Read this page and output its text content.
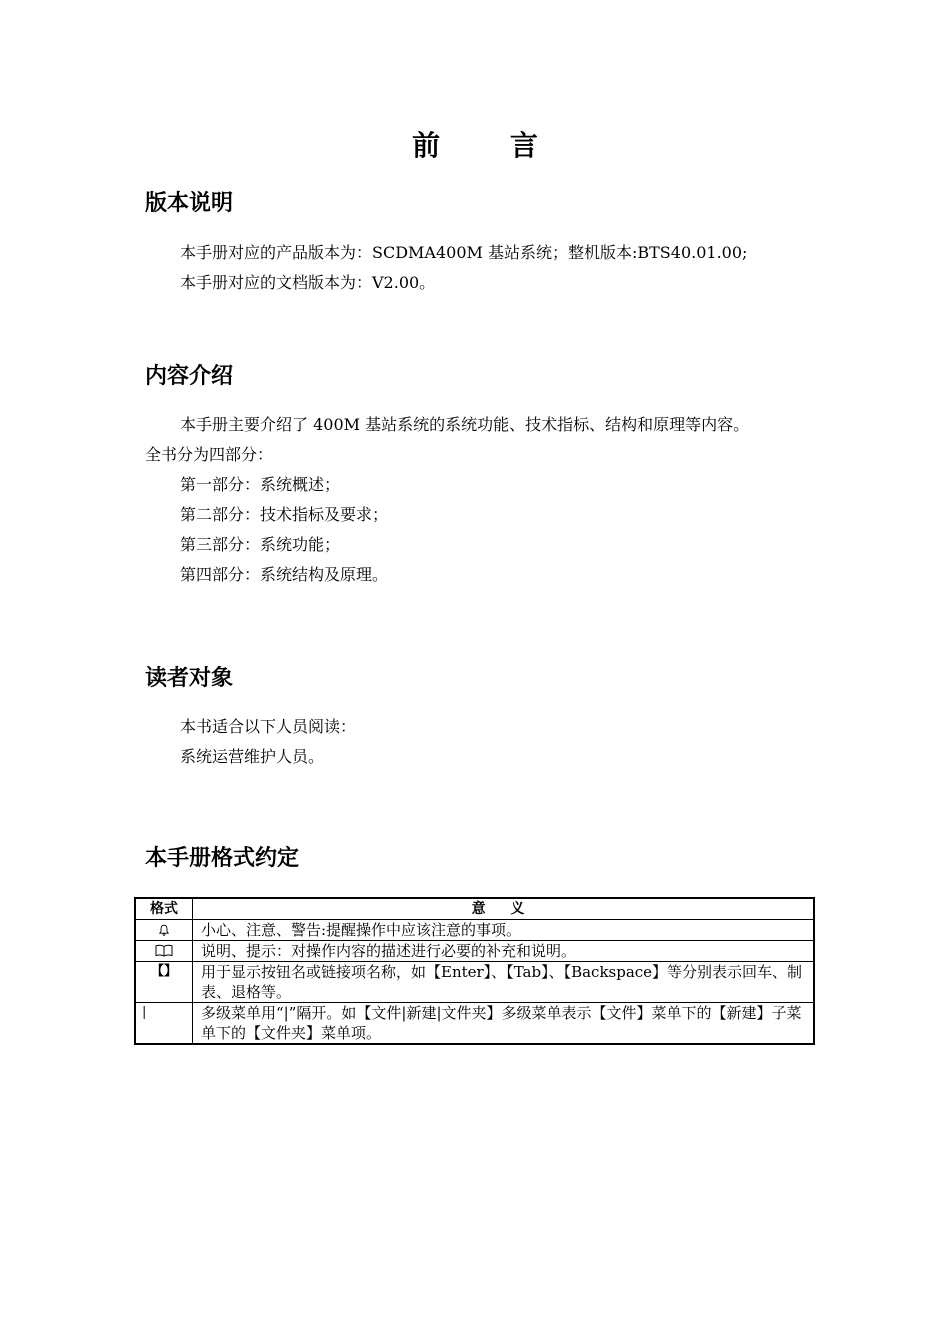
前 言
版本说明
本手册对应的产品版本为：SCDMA400M 基站系统；整机版本:BTS40.01.00;
本手册对应的文档版本为：V2.00。
内容介绍
本手册主要介绍了 400M 基站系统的系统功能、技术指标、结构和原理等内容。
全书分为四部分：
第一部分：系统概述；
第二部分：技术指标及要求；
第三部分：系统功能；
第四部分：系统结构及原理。
读者对象
本书适合以下人员阅读：
系统运营维护人员。
本手册格式约定
格式	意 义
	小心、注意、警告:提醒操作中应该注意的事项。
	说明、提示：对操作内容的描述进行必要的补充和说明。
【】	用于显示按钮名或链接项名称，如【Enter】、【Tab】、【Backspace】等分别表示回车、制表、退格等。
|	多级菜单用“|”隔开。如【文件|新建|文件夹】多级菜单表示【文件】菜单下的【新建】子菜单下的【文件夹】菜单项。
